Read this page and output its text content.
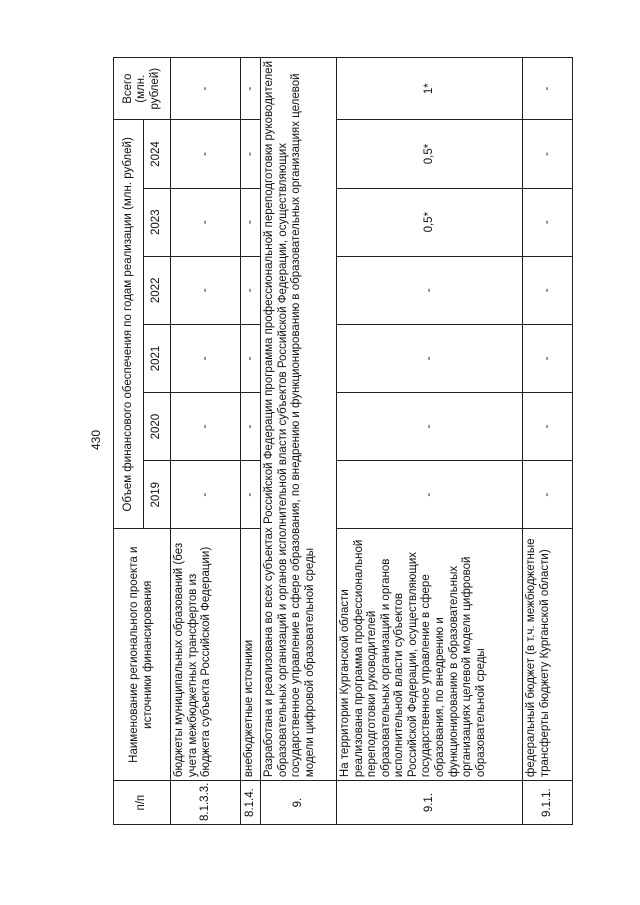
430
п/п	Наименование регионального проекта и источники финансирования	Объем финансового обеспечения по годам реализации (млн. рублей)						Всего (млн. рублей)
		2019	2020	2021	2022	2023	2024	
8.1.3.3.	бюджеты муниципальных образований (без учета межбюджетных трансфертов из бюджета субъекта Российской Федерации)	-	-	-	-	-	-	-
8.1.4.	внебюджетные источники	-	-	-	-	-	-	-
9.	Разработана и реализована во всех субъектах Российской Федерации программа профессиональной переподготовки руководителей образовательных организаций и органов исполнительной власти субъектов Российской Федерации, осуществляющих государственное управление в сфере образования, по внедрению и функционированию в образовательных организациях целевой модели цифровой образовательной среды							
9.1.	На территории Курганской области реализована программа профессиональной переподготовки руководителей образовательных организаций и органов исполнительной власти субъектов Российской Федерации, осуществляющих государственное управление в сфере образования, по внедрению и функционированию в образовательных организациях целевой модели цифровой образовательной среды	-	-	-	-	0,5*	0,5*	1*
9.1.1.	федеральный бюджет (в т.ч. межбюджетные трансферты бюджету Курганской области)	-	-	-	-	-	-	-
